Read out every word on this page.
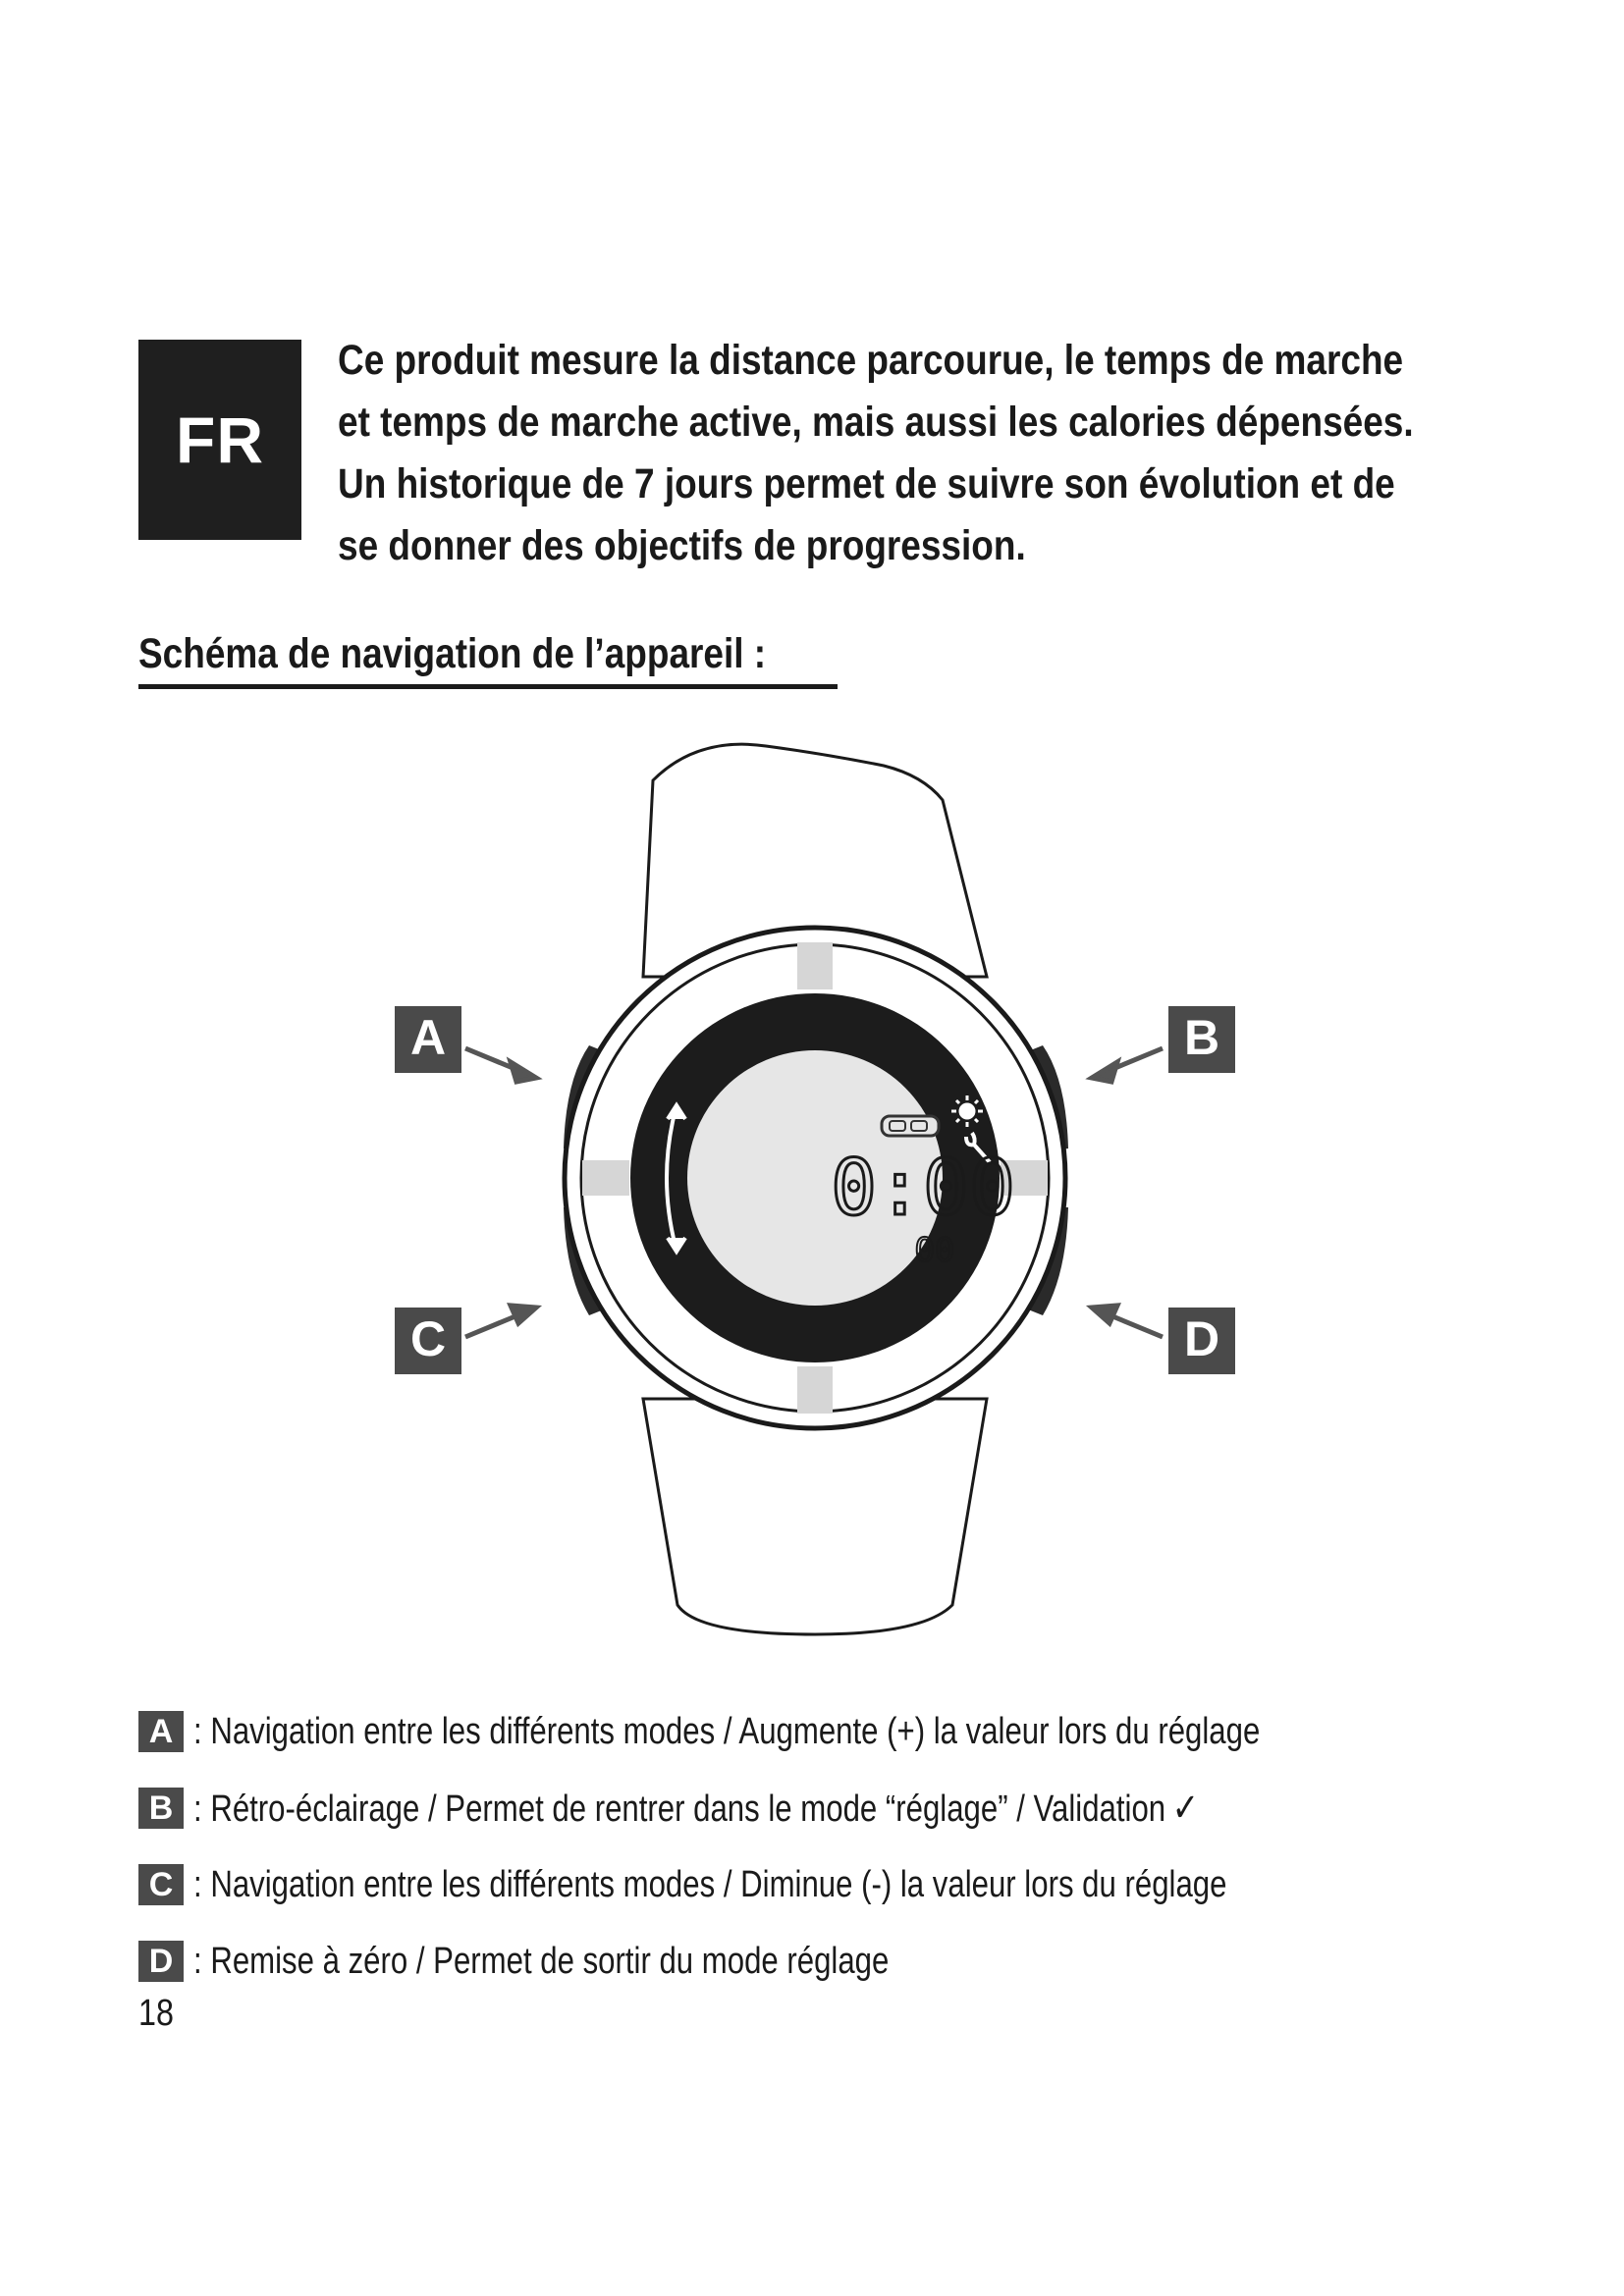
FR
Ce produit mesure la distance parcourue, le temps de marche
et temps de marche active, mais aussi les calories dépensées.
Un historique de 7 jours permet de suivre son évolution et de
se donner des objectifs de progression.
Schéma de navigation de l’appareil :
0:00
00 reset
A	B
C	D
A : Navigation entre les différents modes / Augmente (+) la valeur lors du réglage
B : Rétro-éclairage / Permet de rentrer dans le mode “réglage” / Validation ✓
C : Navigation entre les différents modes / Diminue (-) la valeur lors du réglage
D : Remise à zéro / Permet de sortir du mode réglage
18
